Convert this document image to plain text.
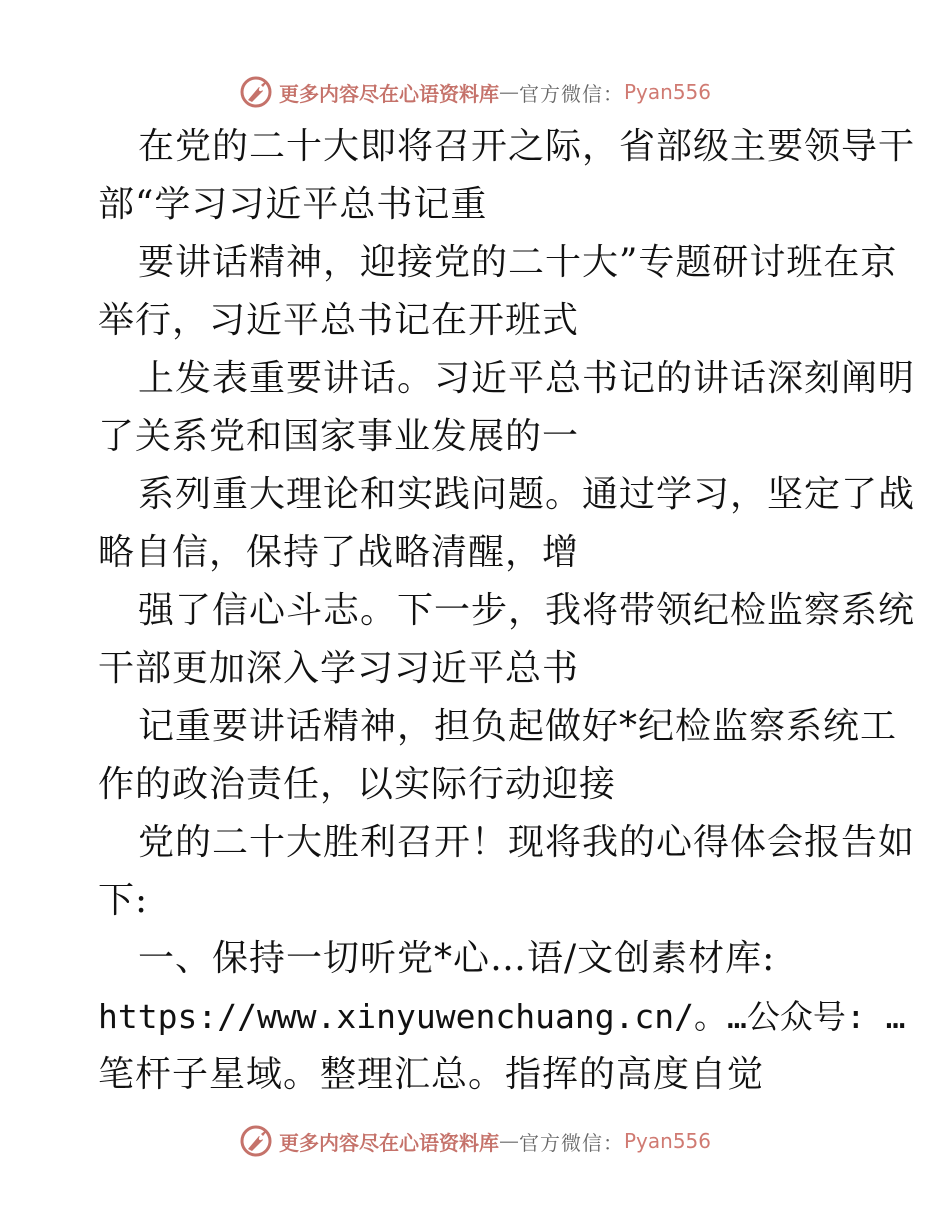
更多内容尽在心语资料库 — 官方微信： Pyan556
在党的二十大即将召开之际，省部级主要领导干
部“学习习近平总书记重
要讲话精神，迎接党的二十大”专题研讨班在京
举行，习近平总书记在开班式
上发表重要讲话。习近平总书记的讲话深刻阐明
了关系党和国家事业发展的一
系列重大理论和实践问题。通过学习，坚定了战
略自信，保持了战略清醒，增
强了信心斗志。下一步，我将带领纪检监察系统
干部更加深入学习习近平总书
记重要讲话精神，担负起做好*纪检监察系统工
作的政治责任，以实际行动迎接
党的二十大胜利召开！现将我的心得体会报告如
下:
一、保持一切听党*心…语/文创素材库:
https://www.xinyuwenchuang.cn/。…公众号: …
笔杆子星域。整理汇总。指挥的高度自觉
更多内容尽在心语资料库 — 官方微信： Pyan556
